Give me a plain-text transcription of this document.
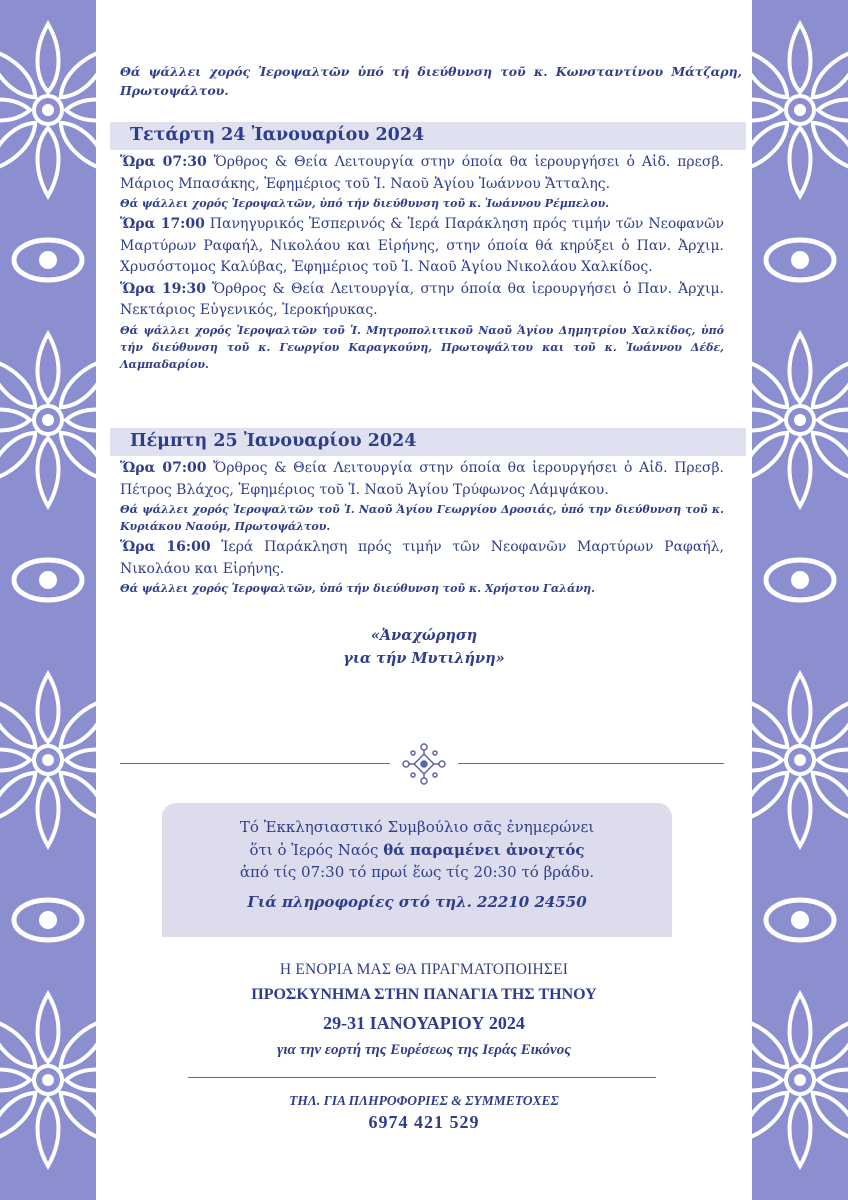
Θά ψάλλει χορός Ἱεροψαλτῶν ὑπό τή διεύθυνση τοῦ κ. Κωνσταντίνου Μάτζαρη, Πρωτοψάλτου.
Τετάρτη 24 Ἰανουαρίου 2024

Ὥρα 07:30 Ὄρθρος & Θεία Λειτουργία στην όποία θα ἱερουργήσει ὁ Αἰδ. πρεσβ. Μάριος Μπασάκης, Ἐφημέριος τοῦ Ἱ. Ναοῦ Ἁγίου Ἰωάννου Ἄτταλης.

Θά ψάλλει χορός Ἱεροψαλτῶν, ὑπό τήν διεύθυνση τοῦ κ. Ἰωάννου Ρέμπελου.

Ὥρα 17:00 Πανηγυρικός Ἑσπερινός & Ἱερά Παράκληση πρός τιμήν τῶν Νεοφανῶν Μαρτύρων Ραφαήλ, Νικολάου και Εἰρήνης, στην όποία θά κηρύξει ὁ Παν. Ἀρχιμ. Χρυσόστομος Καλύβας, Ἐφημέριος τοῦ Ἱ. Ναοῦ Ἁγίου Νικολάου Χαλκίδος.

Ὥρα 19:30 Ὄρθρος & Θεία Λειτουργία, στην όποία θα ἱερουργήσει ὁ Παν. Ἀρχιμ. Νεκτάριος Εὐγενικός, Ἱεροκήρυκας.

Θά ψάλλει χορός Ἱεροψαλτῶν τοῦ Ἱ. Μητροπολιτικοῦ Ναοῦ Ἁγίου Δημητρίου Χαλκίδος, ὑπό τήν διεύθυνση τοῦ κ. Γεωργίου Καραγκούνη, Πρωτοψάλτου και τοῦ κ. Ἰωάννου Δέδε, Λαμπαδαρίου.

Πέμπτη 25 Ἰανουαρίου 2024

Ὥρα 07:00 Ὄρθρος & Θεία Λειτουργία στην όποία θα ἱερουργήσει ὁ Αἰδ. Πρεσβ. Πέτρος Βλάχος, Ἐφημέριος τοῦ Ἱ. Ναοῦ Ἁγίου Τρύφωνος Λάμψάκου.

Θά ψάλλει χορός Ἱεροψαλτῶν τοῦ Ἱ. Ναοῦ Ἁγίου Γεωργίου Δροσιάς, ὑπό την διεύθυνση τοῦ κ. Κυριάκου Ναούμ, Πρωτοψάλτου.

Ὥρα 16:00 Ἱερά Παράκληση πρός τιμήν τῶν Νεοφανῶν Μαρτύρων Ραφαήλ, Νικολάου και Εἰρήνης.

Θά ψάλλει χορός Ἱεροψαλτῶν, ὑπό τήν διεύθυνση τοῦ κ. Χρήστου Γαλάνη.

«Ἀναχώρηση
για τήν Μυτιλήνη»
Τό Ἐκκλησιαστικό Συμβούλιο σᾶς ἐνημερώνει
ὅτι ὁ Ἱερός Ναός θά παραμένει ἀνοιχτός
ἀπό τίς 07:30 τό πρωί ἕως τίς 20:30 τό βράδυ.
Γιά πληροφορίες στό τηλ. 22210 24550
Η ΕΝΟΡΙΑ ΜΑΣ ΘΑ ΠΡΑΓΜΑΤΟΠΟΙΗΣΕΙ
ΠΡΟΣΚΥΝΗΜΑ ΣΤΗΝ ΠΑΝΑΓΙΑ ΤΗΣ ΤΗΝΟΥ
29-31 ΙΑΝΟΥΑΡΙΟΥ 2024
για την εορτή της Ευρέσεως της Ιεράς Εικόνος
ΤΗΛ. ΓΙΑ ΠΛΗΡΟΦΟΡΙΕΣ & ΣΥΜΜΕΤΟΧΕΣ
6974 421 529
